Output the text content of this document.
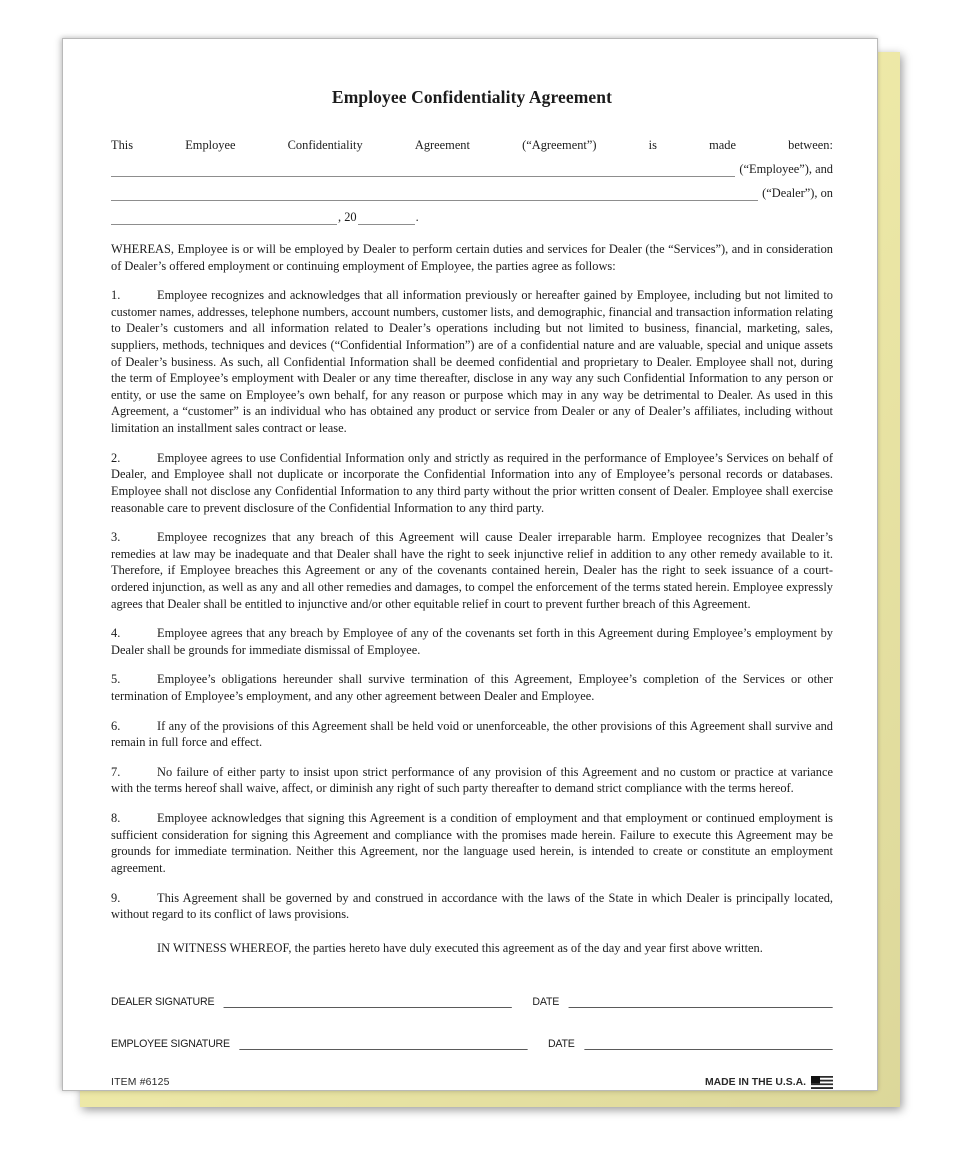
Employee Confidentiality Agreement
This	Employee	Confidentiality	Agreement	(“Agreement”)	is	made	between:
(“Employee”), and
(“Dealer”), on
, 20	.

WHEREAS, Employee is or will be employed by Dealer to perform certain duties and services for Dealer (the “Services”), and in consideration of Dealer’s offered employment or continuing employment of Employee, the parties agree as follows:

1.	Employee recognizes and acknowledges that all information previously or hereafter gained by Employee, including but not limited to customer names, addresses, telephone numbers, account numbers, customer lists, and demographic, financial and transaction information relating to Dealer’s customers and all information related to Dealer’s operations including but not limited to business, financial, marketing, sales, suppliers, methods, techniques and devices (“Confidential Information”) are of a confidential nature and are valuable, special and unique assets of Dealer’s business. As such, all Confidential Information shall be deemed confidential and proprietary to Dealer. Employee shall not, during the term of Employee’s employment with Dealer or any time thereafter, disclose in any way any such Confidential Information to any person or entity, or use the same on Employee’s own behalf, for any reason or purpose which may in any way be detrimental to Dealer. As used in this Agreement, a “customer” is an individual who has obtained any product or service from Dealer or any of Dealer’s affiliates, including without limitation an installment sales contract or lease.

2.	Employee agrees to use Confidential Information only and strictly as required in the performance of Employee’s Services on behalf of Dealer, and Employee shall not duplicate or incorporate the Confidential Information into any of Employee’s personal records or databases. Employee shall not disclose any Confidential Information to any third party without the prior written consent of Dealer. Employee shall exercise reasonable care to prevent disclosure of the Confidential Information to any third party.

3.	Employee recognizes that any breach of this Agreement will cause Dealer irreparable harm. Employee recognizes that Dealer’s remedies at law may be inadequate and that Dealer shall have the right to seek injunctive relief in addition to any other remedy available to it. Therefore, if Employee breaches this Agreement or any of the covenants contained herein, Dealer has the right to seek issuance of a court-ordered injunction, as well as any and all other remedies and damages, to compel the enforcement of the terms stated herein. Employee expressly agrees that Dealer shall be entitled to injunctive and/or other equitable relief in court to prevent further breach of this Agreement.

4.	Employee agrees that any breach by Employee of any of the covenants set forth in this Agreement during Employee’s employment by Dealer shall be grounds for immediate dismissal of Employee.

5.	Employee’s obligations hereunder shall survive termination of this Agreement, Employee’s completion of the Services or other termination of Employee’s employment, and any other agreement between Dealer and Employee.

6.	If any of the provisions of this Agreement shall be held void or unenforceable, the other provisions of this Agreement shall survive and remain in full force and effect.

7.	No failure of either party to insist upon strict performance of any provision of this Agreement and no custom or practice at variance with the terms hereof shall waive, affect, or diminish any right of such party thereafter to demand strict compliance with the terms hereof.

8.	Employee acknowledges that signing this Agreement is a condition of employment and that employment or continued employment is sufficient consideration for signing this Agreement and compliance with the promises made herein. Failure to execute this Agreement may be grounds for immediate termination. Neither this Agreement, nor the language used herein, is intended to create or constitute an employment agreement.

9.	This Agreement shall be governed by and construed in accordance with the laws of the State in which Dealer is principally located, without regard to its conflict of laws provisions.

IN WITNESS WHEREOF, the parties hereto have duly executed this agreement as of the day and year first above written.

DEALER SIGNATURE	DATE
EMPLOYEE SIGNATURE	DATE
ITEM #6125	MADE IN THE U.S.A.
